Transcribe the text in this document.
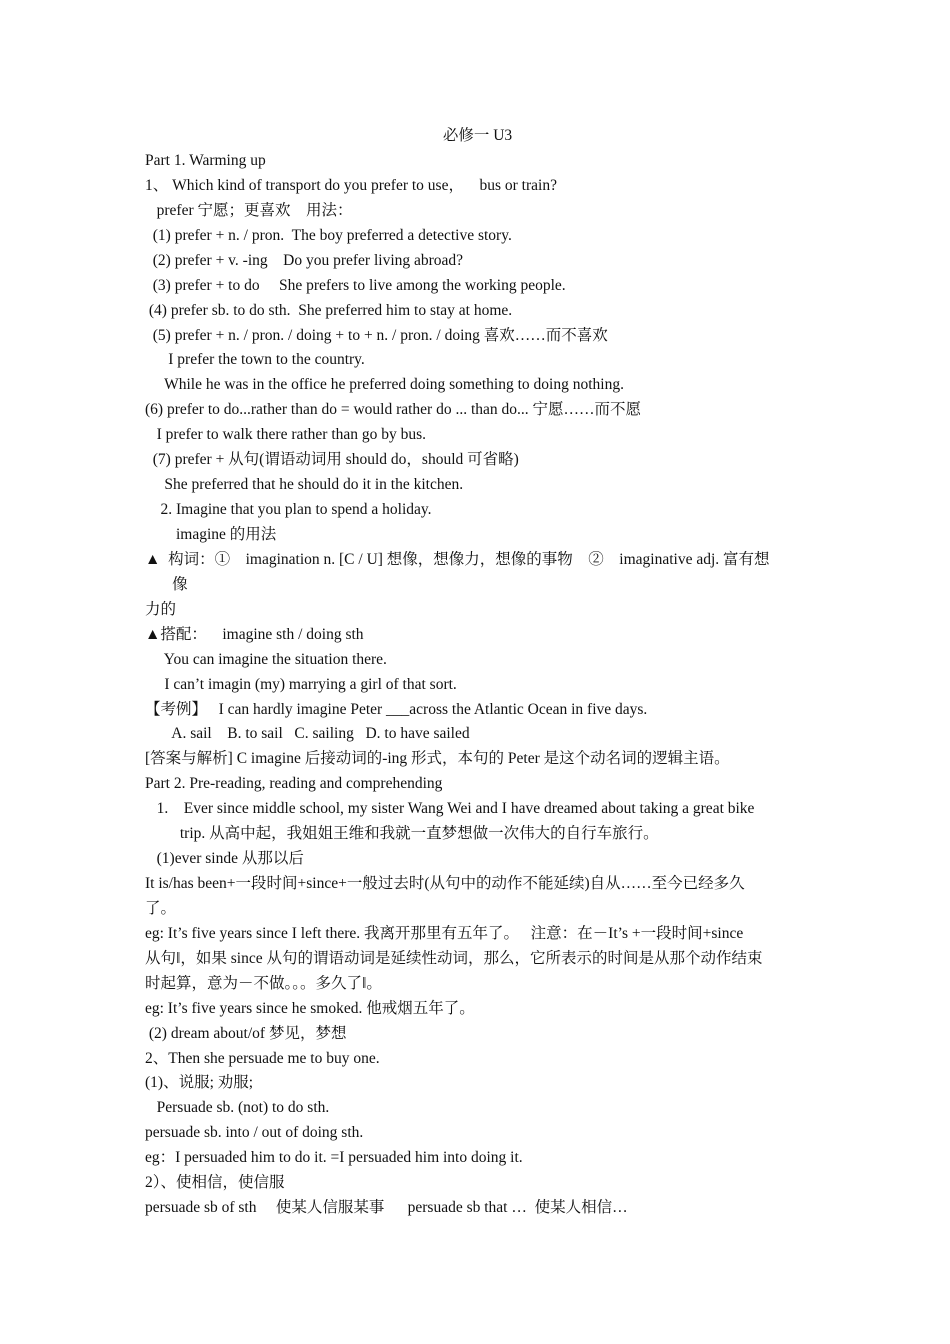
必修一 U3
Part 1. Warming up
1、 Which kind of transport do you prefer to use，    bus or train?
prefer 宁愿；更喜欢    用法：
(1) prefer + n. / pron.  The boy preferred a detective story.
(2) prefer + v. -ing    Do you prefer living abroad?
(3) prefer + to do     She prefers to live among the working people.
(4) prefer sb. to do sth.  She preferred him to stay at home.
(5) prefer + n. / pron. / doing + to + n. / pron. / doing 喜欢……而不喜欢
I prefer the town to the country.
While he was in the office he preferred doing something to doing nothing.
(6) prefer to do...rather than do = would rather do ... than do... 宁愿……而不愿
I prefer to walk there rather than go by bus.
(7) prefer + 从句(谓语动词用 should do，should 可省略)
She preferred that he should do it in the kitchen.
2. Imagine that you plan to spend a holiday.
imagine 的用法
▲  构词：①    imagination n. [C / U] 想像，想像力，想像的事物    ②    imaginative adj. 富有想
像
力的
▲搭配：    imagine sth / doing sth
You can imagine the situation there.
I can’t imagin (my) marrying a girl of that sort.
【考例】   I can hardly imagine Peter ___across the Atlantic Ocean in five days.
A. sail    B. to sail   C. sailing   D. to have sailed
[答案与解析] C imagine 后接动词的-ing 形式，本句的 Peter 是这个动名词的逻辑主语。
Part 2. Pre-reading, reading and comprehending
1.    Ever since middle school, my sister Wang Wei and I have dreamed about taking a great bike
trip. 从高中起，我姐姐王维和我就一直梦想做一次伟大的自行车旅行。
(1)ever sinde 从那以后
It is/has been+一段时间+since+一般过去时(从句中的动作不能延续)自从……至今已经多久
了。
eg: It’s five years since I left there. 我离开那里有五年了。   注意：在－It’s +一段时间+since
从句‖，如果 since 从句的谓语动词是延续性动词，那么，它所表示的时间是从那个动作结束
时起算，意为－不做。。。多久了‖。
eg: It’s five years since he smoked. 他戒烟五年了。
(2) dream about/of 梦见，梦想
2、Then she persuade me to buy one.
(1)、说服; 劝服;
Persuade sb. (not) to do sth.
persuade sb. into / out of doing sth.
eg：I persuaded him to do it. =I persuaded him into doing it.
2）、使相信，使信服
persuade sb of sth     使某人信服某事      persuade sb that …  使某人相信…
